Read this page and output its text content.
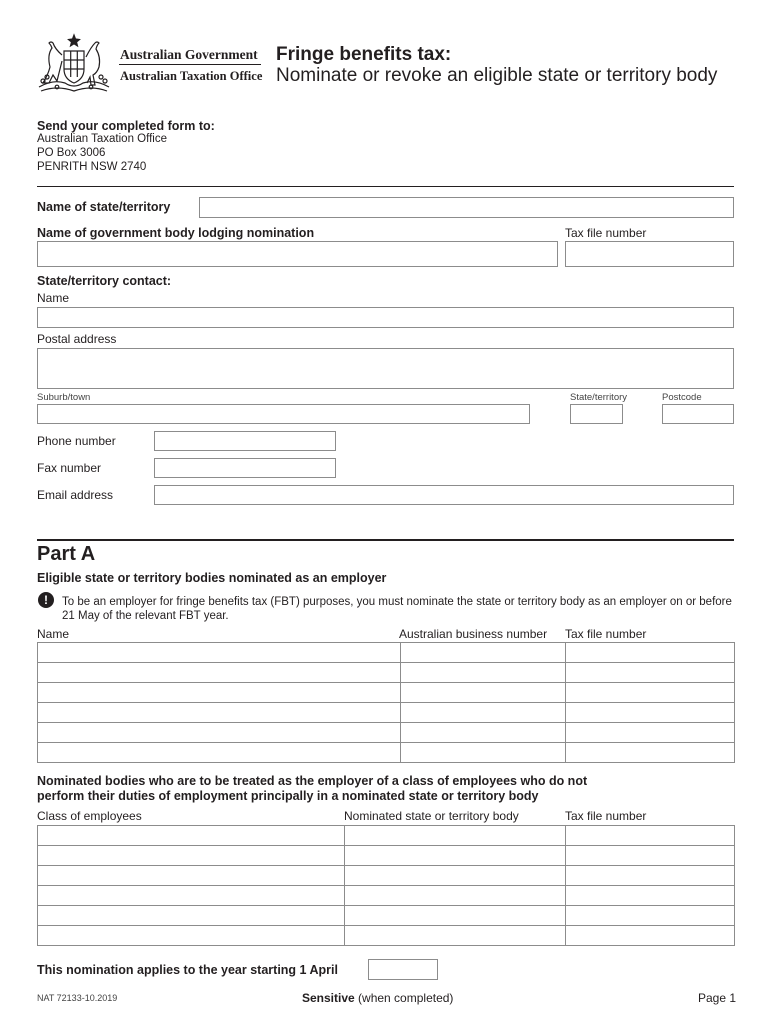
Australian Government
Australian Taxation Office
Fringe benefits tax:
Nominate or revoke an eligible state or territory body
Send your completed form to:
Australian Taxation Office
PO Box 3006
PENRITH NSW 2740
Name of state/territory
Name of government body lodging nomination	Tax file number
State/territory contact:
Name
Postal address
Suburb/town	State/territory	Postcode
Phone number
Fax number
Email address
Part A
Eligible state or territory bodies nominated as an employer
!	To be an employer for fringe benefits tax (FBT) purposes, you must nominate the state or territory body as an employer on or before 21 May of the relevant FBT year.
Name	Australian business number Tax file number

Nominated bodies who are to be treated as the employer of a class of employees who do not
perform their duties of employment principally in a nominated state or territory body
Class of employees	Nominated state or territory body	Tax file number

This nomination applies to the year starting 1 April
NAT 72133-10.2019	Sensitive (when completed)	Page 1
